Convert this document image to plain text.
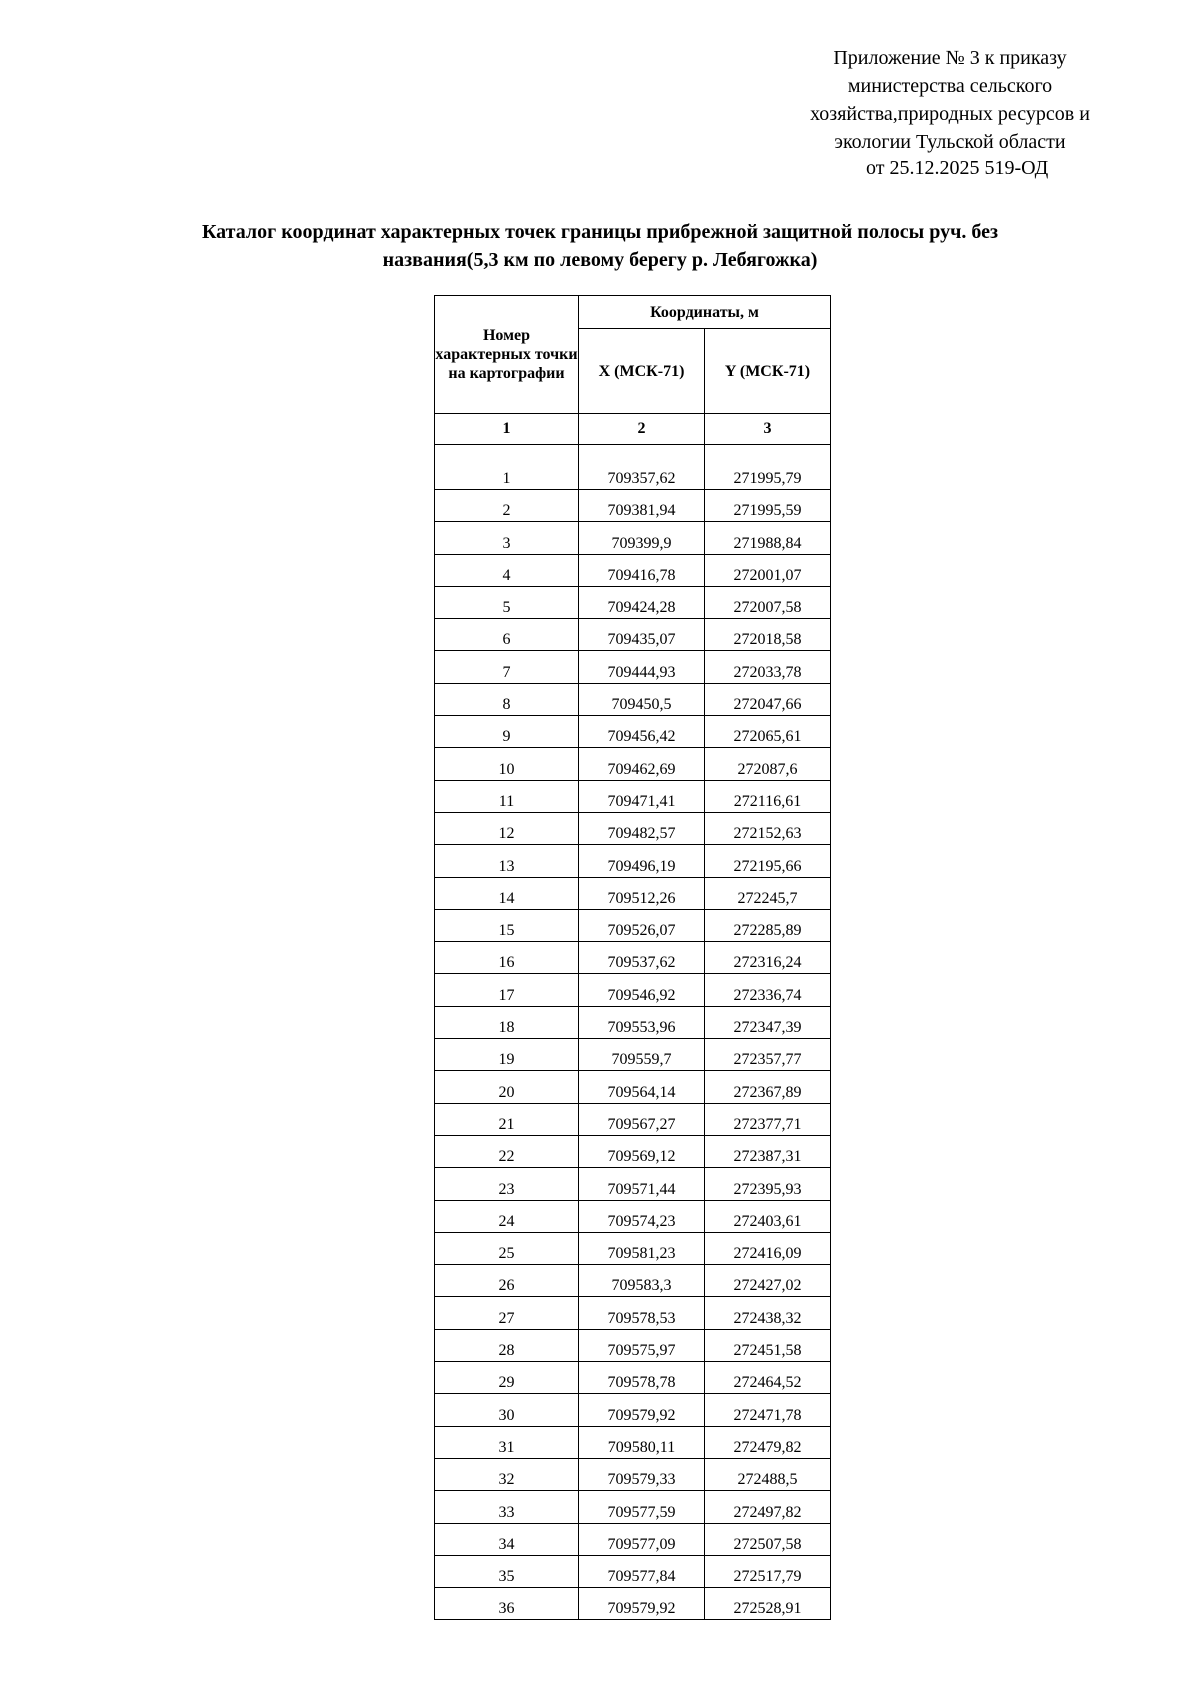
Приложение № 3 к приказу
министерства сельского
хозяйства,природных ресурсов и
экологии Тульской области
от 25.12.2025 519-ОД
Каталог координат характерных точек границы прибрежной защитной полосы руч. без
названия(5,3 км по левому берегу р. Лебягожка)
Номер характерных точки на картографии	Координаты, м	
	X (МСК-71)	Y (МСК-71)
1	2	3
1	709357,62	271995,79
2	709381,94	271995,59
3	709399,9	271988,84
4	709416,78	272001,07
5	709424,28	272007,58
6	709435,07	272018,58
7	709444,93	272033,78
8	709450,5	272047,66
9	709456,42	272065,61
10	709462,69	272087,6
11	709471,41	272116,61
12	709482,57	272152,63
13	709496,19	272195,66
14	709512,26	272245,7
15	709526,07	272285,89
16	709537,62	272316,24
17	709546,92	272336,74
18	709553,96	272347,39
19	709559,7	272357,77
20	709564,14	272367,89
21	709567,27	272377,71
22	709569,12	272387,31
23	709571,44	272395,93
24	709574,23	272403,61
25	709581,23	272416,09
26	709583,3	272427,02
27	709578,53	272438,32
28	709575,97	272451,58
29	709578,78	272464,52
30	709579,92	272471,78
31	709580,11	272479,82
32	709579,33	272488,5
33	709577,59	272497,82
34	709577,09	272507,58
35	709577,84	272517,79
36	709579,92	272528,91
